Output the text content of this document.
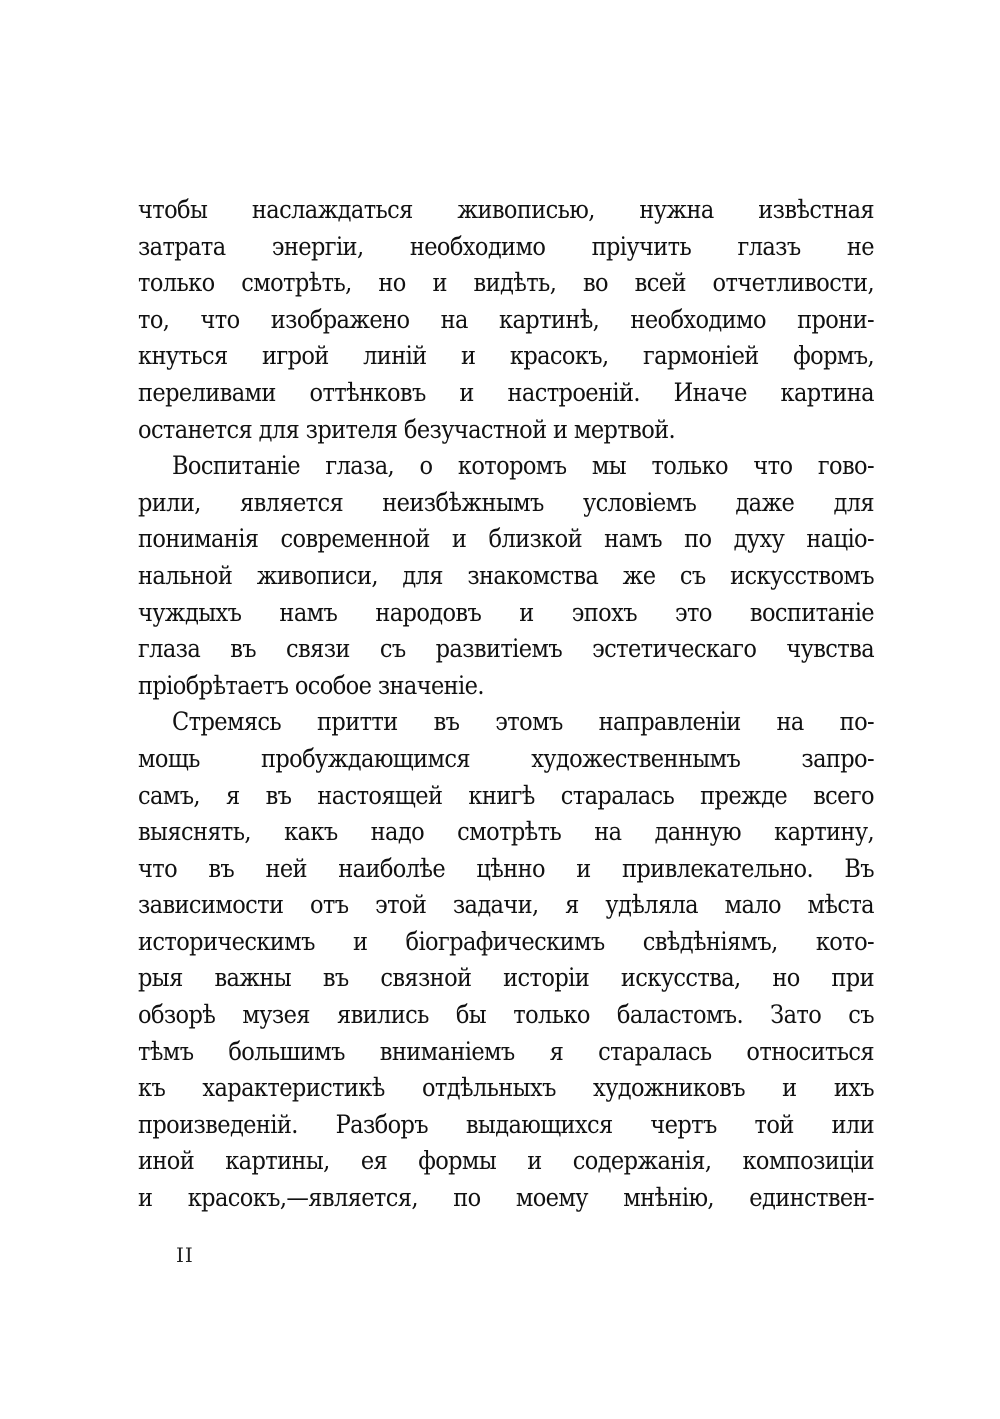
чтобы наслаждаться живописью, нужна извѣстная
затрата энергіи, необходимо пріучить глазъ не
только смотрѣть, но и видѣть, во всей отчетливости,
то, что изображено на картинѣ, необходимо прони-
кнуться игрой линій и красокъ, гармоніей формъ,
переливами оттѣнковъ и настроеній. Иначе картина
останется для зрителя безучастной и мертвой.
Воспитаніе глаза, о которомъ мы только что гово-
рили, является неизбѣжнымъ условіемъ даже для
пониманія современной и близкой намъ по духу націо-
нальной живописи, для знакомства же съ искусствомъ
чуждыхъ намъ народовъ и эпохъ это воспитаніе
глаза въ связи съ развитіемъ эстетическаго чувства
пріобрѣтаетъ особое значеніе.
Стремясь притти въ этомъ направленіи на по-
мощь пробуждающимся художественнымъ запро-
самъ, я въ настоящей книгѣ старалась прежде всего
выяснять, какъ надо смотрѣть на данную картину,
что въ ней наиболѣе цѣнно и привлекательно. Въ
зависимости отъ этой задачи, я удѣляла мало мѣста
историческимъ и біографическимъ свѣдѣніямъ, кото-
рыя важны въ связной исторіи искусства, но при
обзорѣ музея явились бы только баластомъ. Зато съ
тѣмъ большимъ вниманіемъ я старалась относиться
къ характеристикѣ отдѣльныхъ художниковъ и ихъ
произведеній. Разборъ выдающихся чертъ той или
иной картины, ея формы и содержанія, композиціи
и красокъ,—является, по моему мнѣнію, единствен-
II
